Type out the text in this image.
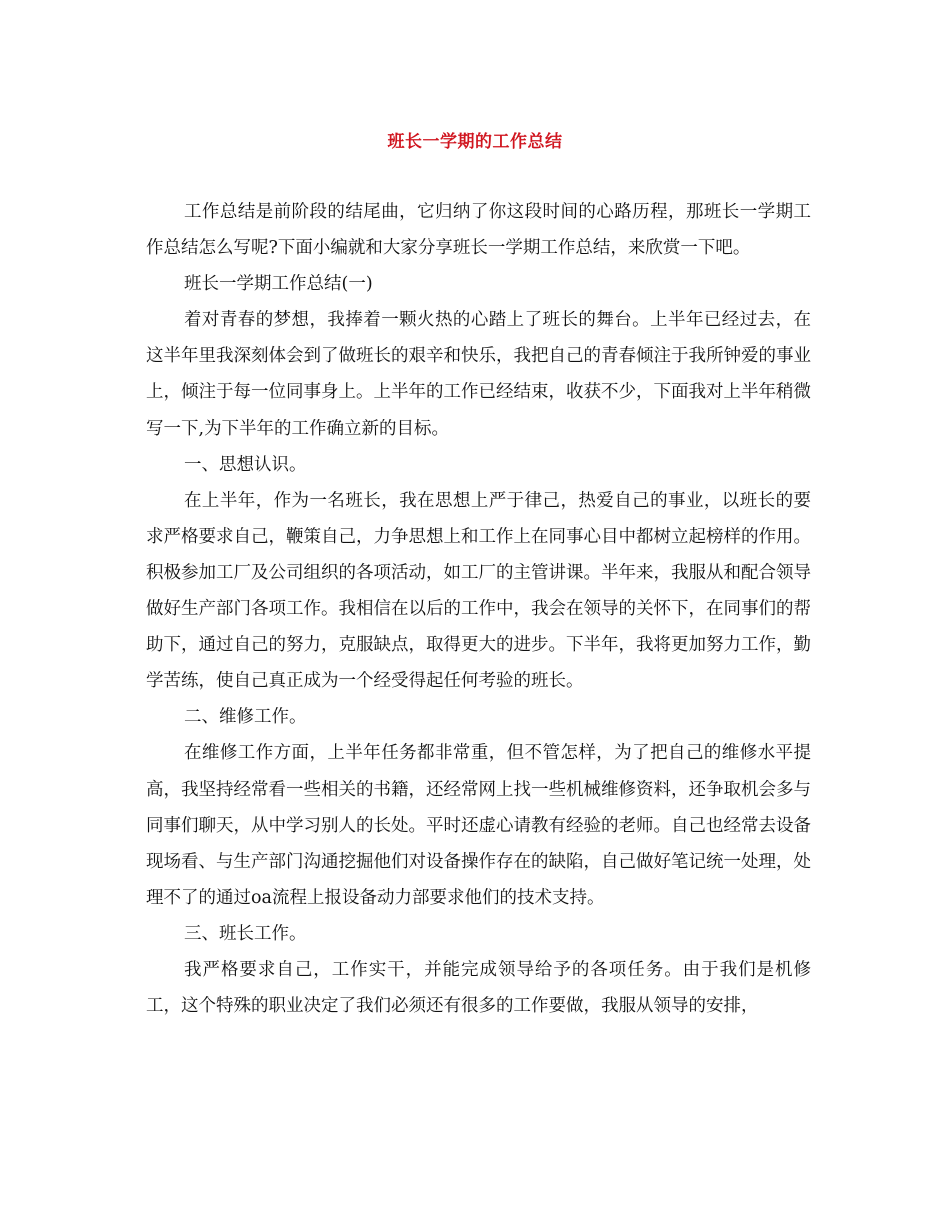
班长一学期的工作总结

工作总结是前阶段的结尾曲，它归纳了你这段时间的心路历程，那班长一学期工作总结怎么写呢?下面小编就和大家分享班长一学期工作总结，来欣赏一下吧。

班长一学期工作总结(一)

着对青春的梦想，我捧着一颗火热的心踏上了班长的舞台。上半年已经过去，在这半年里我深刻体会到了做班长的艰辛和快乐，我把自己的青春倾注于我所钟爱的事业上，倾注于每一位同事身上。上半年的工作已经结束，收获不少，下面我对上半年稍微写一下,为下半年的工作确立新的目标。

一、思想认识。

在上半年，作为一名班长，我在思想上严于律己，热爱自己的事业，以班长的要求严格要求自己，鞭策自己，力争思想上和工作上在同事心目中都树立起榜样的作用。积极参加工厂及公司组织的各项活动，如工厂的主管讲课。半年来，我服从和配合领导做好生产部门各项工作。我相信在以后的工作中，我会在领导的关怀下，在同事们的帮助下，通过自己的努力，克服缺点，取得更大的进步。下半年，我将更加努力工作，勤学苦练，使自己真正成为一个经受得起任何考验的班长。

二、维修工作。

在维修工作方面，上半年任务都非常重，但不管怎样，为了把自己的维修水平提高，我坚持经常看一些相关的书籍，还经常网上找一些机械维修资料，还争取机会多与同事们聊天，从中学习别人的长处。平时还虚心请教有经验的老师。自己也经常去设备现场看、与生产部门沟通挖掘他们对设备操作存在的缺陷，自己做好笔记统一处理，处理不了的通过oa流程上报设备动力部要求他们的技术支持。

三、班长工作。

我严格要求自己，工作实干，并能完成领导给予的各项任务。由于我们是机修工，这个特殊的职业决定了我们必须还有很多的工作要做，我服从领导的安排，
